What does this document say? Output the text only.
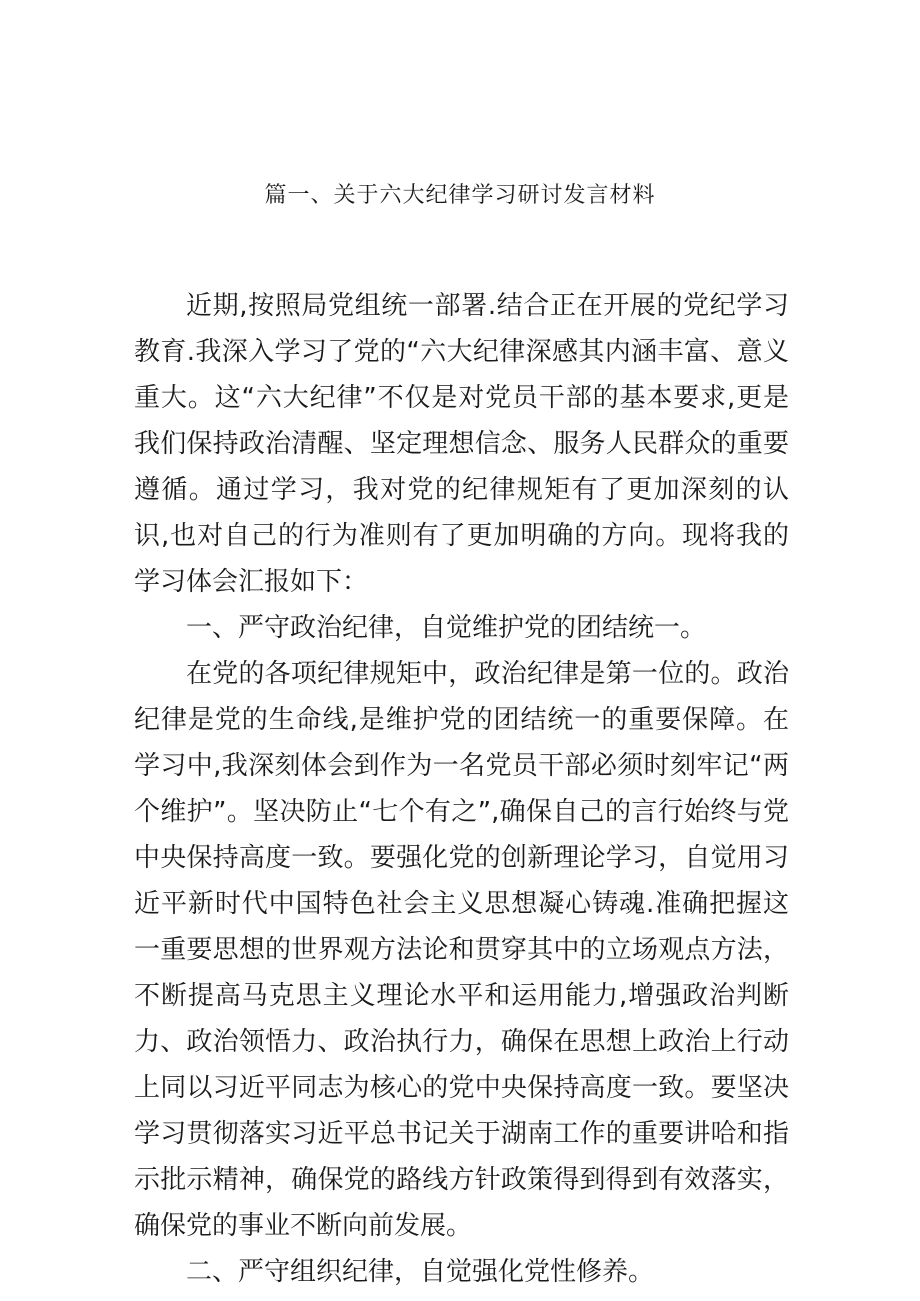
篇一、关于六大纪律学习研讨发言材料

近期,按照局党组统一部署.结合正在开展的党纪学习教育.我深入学习了党的“六大纪律深感其内涵丰富、意义重大。这“六大纪律”不仅是对党员干部的基本要求,更是我们保持政治清醒、坚定理想信念、服务人民群众的重要遵循。通过学习，我对党的纪律规矩有了更加深刻的认识,也对自己的行为准则有了更加明确的方向。现将我的学习体会汇报如下：

一、严守政治纪律，自觉维护党的团结统一。

在党的各项纪律规矩中，政治纪律是第一位的。政治纪律是党的生命线,是维护党的团结统一的重要保障。在学习中,我深刻体会到作为一名党员干部必须时刻牢记“两个维护”。坚决防止“七个有之”,确保自己的言行始终与党中央保持高度一致。要强化党的创新理论学习，自觉用习近平新时代中国特色社会主义思想凝心铸魂.准确把握这一重要思想的世界观方法论和贯穿其中的立场观点方法，不断提高马克思主义理论水平和运用能力,增强政治判断力、政治领悟力、政治执行力，确保在思想上政治上行动上同以习近平同志为核心的党中央保持高度一致。要坚决学习贯彻落实习近平总书记关于湖南工作的重要讲哈和指示批示精神，确保党的路线方针政策得到得到有效落实，确保党的事业不断向前发展。

二、严守组织纪律，自觉强化党性修养。
